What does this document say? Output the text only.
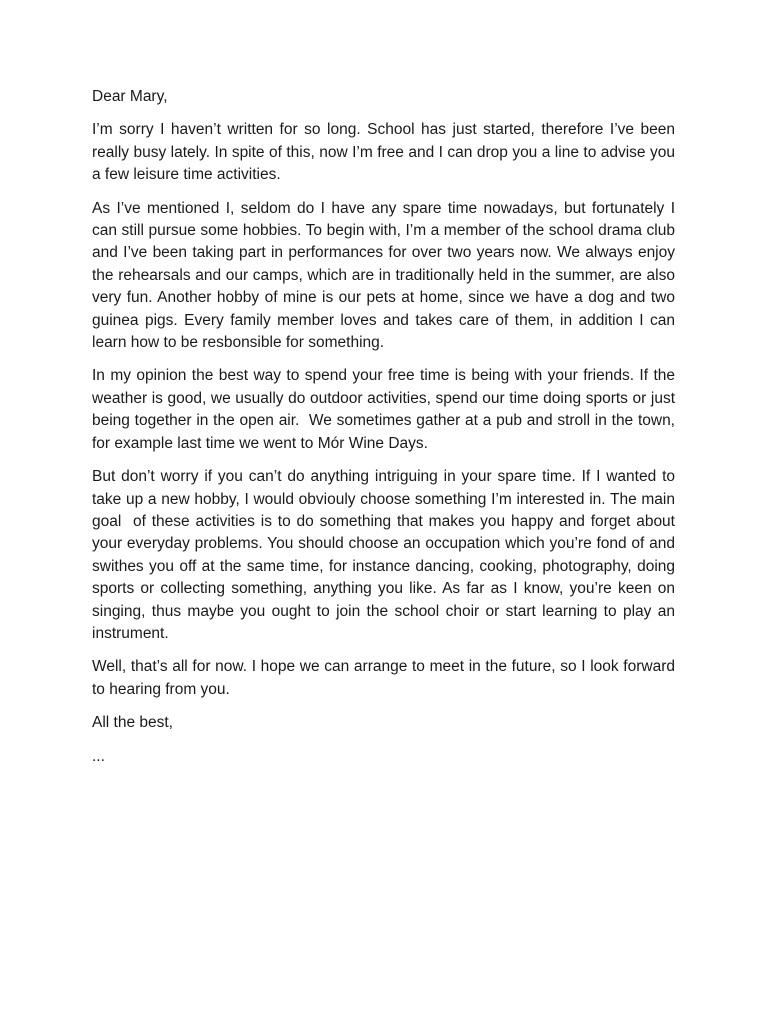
Dear Mary,

I’m sorry I haven’t written for so long. School has just started, therefore I’ve been really busy lately. In spite of this, now I’m free and I can drop you a line to advise you a few leisure time activities.

As I’ve mentioned I, seldom do I have any spare time nowadays, but fortunately I can still pursue some hobbies. To begin with, I’m a member of the school drama club and I’ve been taking part in performances for over two years now. We always enjoy the rehearsals and our camps, which are in traditionally held in the summer, are also very fun. Another hobby of mine is our pets at home, since we have a dog and two guinea pigs. Every family member loves and takes care of them, in addition I can learn how to be resbonsible for something.

In my opinion the best way to spend your free time is being with your friends. If the weather is good, we usually do outdoor activities, spend our time doing sports or just being together in the open air.  We sometimes gather at a pub and stroll in the town, for example last time we went to Mór Wine Days.

But don’t worry if you can’t do anything intriguing in your spare time. If I wanted to take up a new hobby, I would obviouly choose something I’m interested in. The main goal  of these activities is to do something that makes you happy and forget about your everyday problems. You should choose an occupation which you’re fond of and swithes you off at the same time, for instance dancing, cooking, photography, doing sports or collecting something, anything you like. As far as I know, you’re keen on singing, thus maybe you ought to join the school choir or start learning to play an instrument.

Well, that’s all for now. I hope we can arrange to meet in the future, so I look forward to hearing from you.

All the best,

...
